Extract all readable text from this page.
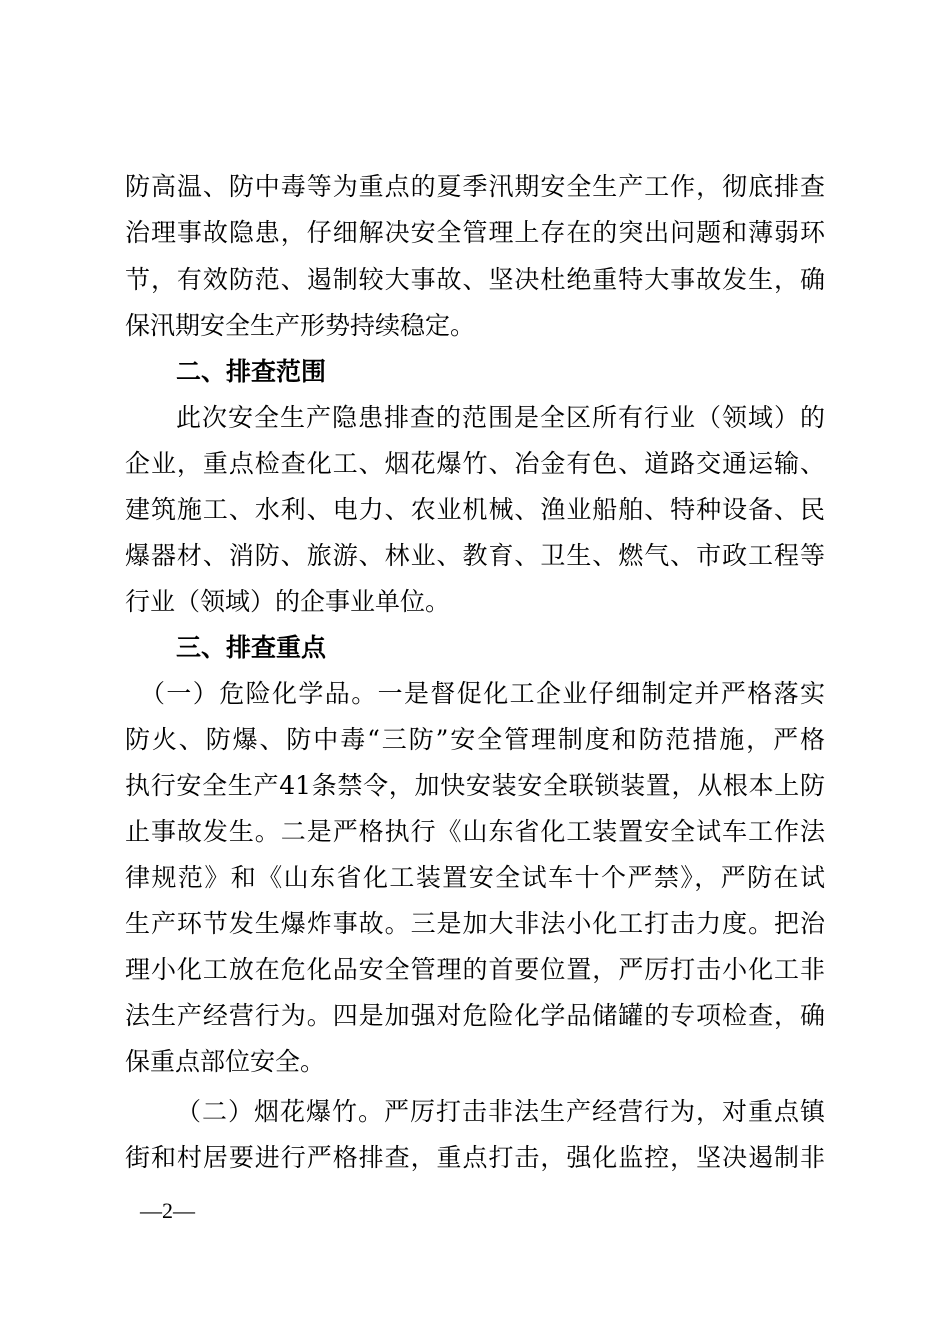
防高温、防中毒等为重点的夏季汛期安全生产工作，彻底排查
治理事故隐患，仔细解决安全管理上存在的突出问题和薄弱环
节，有效防范、遏制较大事故、坚决杜绝重特大事故发生，确
保汛期安全生产形势持续稳定。
二、排查范围
此次安全生产隐患排查的范围是全区所有行业（领域）的
企业，重点检查化工、烟花爆竹、冶金有色、道路交通运输、
建筑施工、水利、电力、农业机械、渔业船舶、特种设备、民
爆器材、消防、旅游、林业、教育、卫生、燃气、市政工程等
行业（领域）的企事业单位。
三、排查重点
（一）危险化学品。一是督促化工企业仔细制定并严格落实
防火、防爆、防中毒“三防”安全管理制度和防范措施，严格
执行安全生产41条禁令，加快安装安全联锁装置，从根本上防
止事故发生。二是严格执行《山东省化工装置安全试车工作法
律规范》和《山东省化工装置安全试车十个严禁》，严防在试
生产环节发生爆炸事故。三是加大非法小化工打击力度。把治
理小化工放在危化品安全管理的首要位置，严厉打击小化工非
法生产经营行为。四是加强对危险化学品储罐的专项检查，确
保重点部位安全。
（二）烟花爆竹。严厉打击非法生产经营行为，对重点镇
街和村居要进行严格排查，重点打击，强化监控，坚决遏制非
—2—
